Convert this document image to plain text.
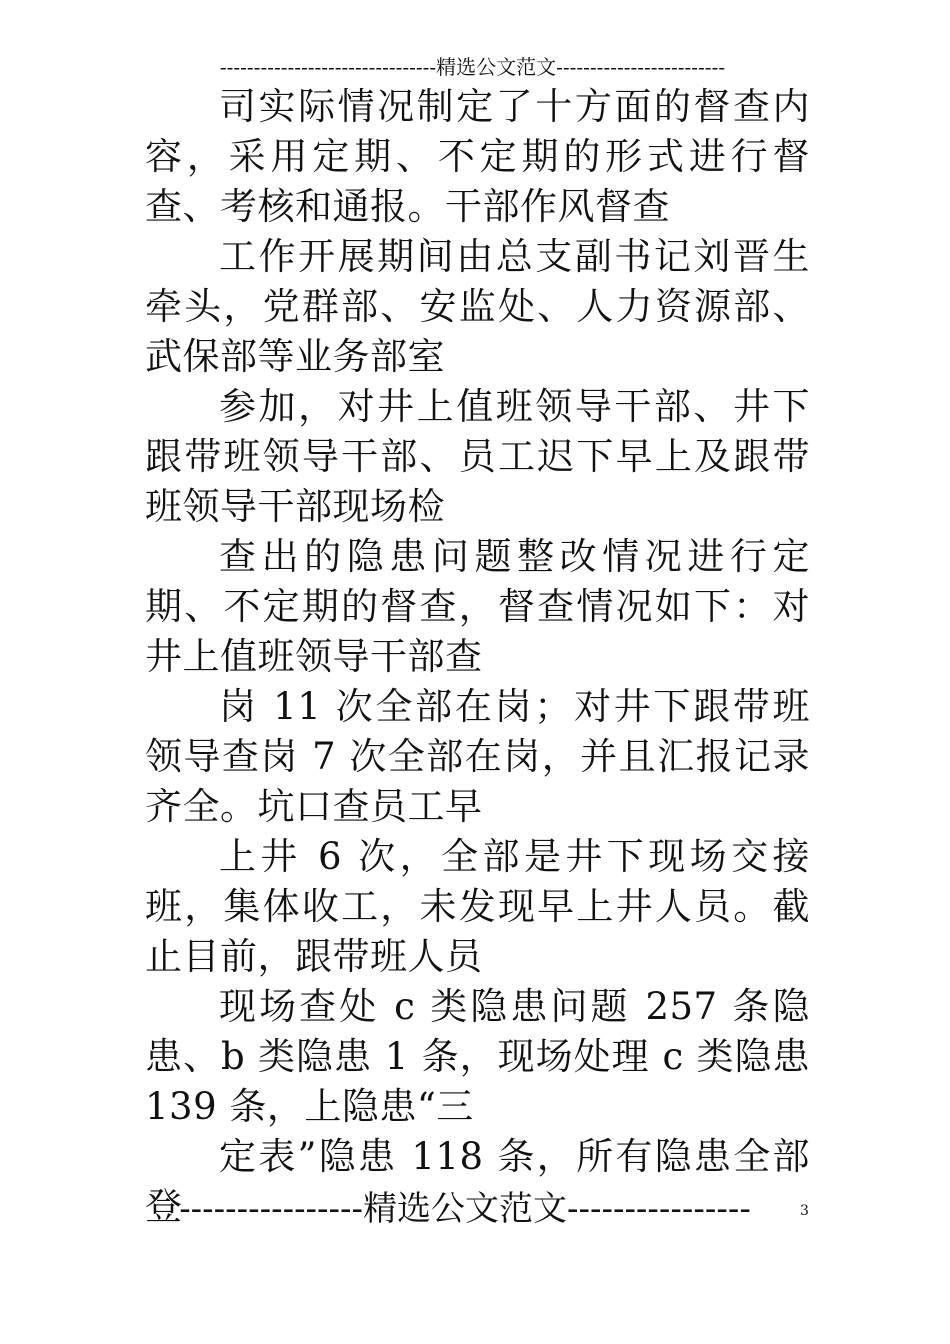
--------------------------------精选公文范文-------------------------

司实际情况制定了十方面的督查内容，采用定期、不定期的形式进行督查、考核和通报。干部作风督查

工作开展期间由总支副书记刘晋生牵头，党群部、安监处、人力资源部、武保部等业务部室

参加，对井上值班领导干部、井下跟带班领导干部、员工迟下早上及跟带班领导干部现场检

查出的隐患问题整改情况进行定期、不定期的督查，督查情况如下：对井上值班领导干部查

岗 11 次全部在岗；对井下跟带班领导查岗 7 次全部在岗，并且汇报记录齐全。坑口查员工早

上井 6 次，全部是井下现场交接班，集体收工，未发现早上井人员。截止目前，跟带班人员

现场查处 c 类隐患问题 257 条隐患、b 类隐患 1 条，现场处理 c 类隐患 139 条，上隐患“三

定表”隐患 118 条，所有隐患全部登

----------------精选公文范文----------------	3
